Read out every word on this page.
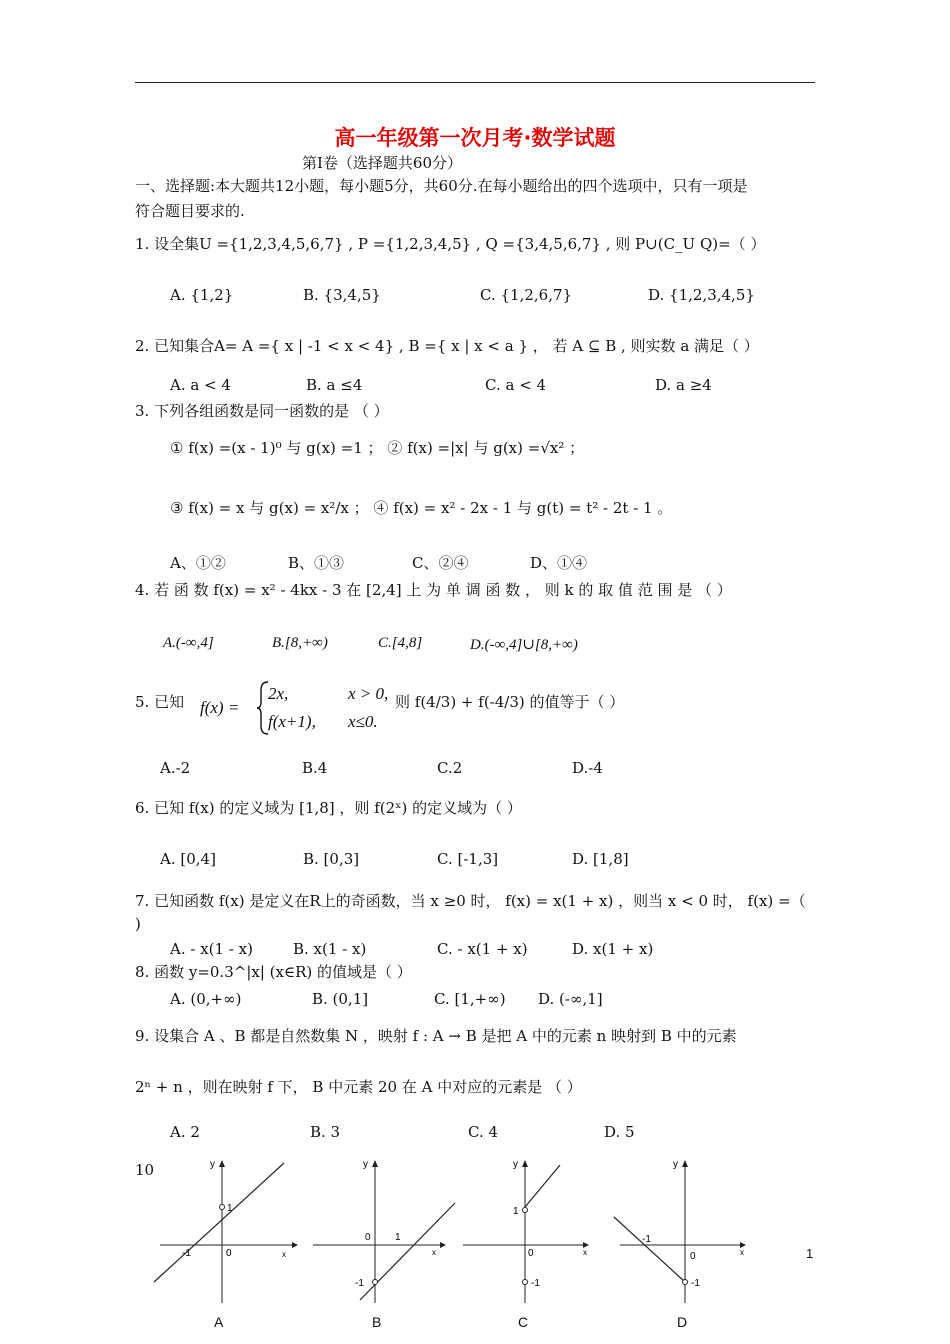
高一年级第一次月考·数学试题
第Ⅰ卷（选择题共60分）
一、选择题:本大题共12小题，每小题5分，共60分.在每小题给出的四个选项中，只有一项是
符合题目要求的.
1. 设全集U ={1,2,3,4,5,6,7} , P ={1,2,3,4,5} , Q ={3,4,5,6,7} , 则 P∪(C_U Q)=（ ）
A. {1,2}	B. {3,4,5}	C. {1,2,6,7}	D. {1,2,3,4,5}
2. 已知集合A= A ={ x | -1 < x < 4} , B ={ x | x < a } ， 若 A ⊆ B , 则实数 a 满足（ ）
A. a < 4	B. a ≤4	C. a < 4	D. a ≥4
3. 下列各组函数是同一函数的是 （ ）
① f(x) =(x - 1)⁰ 与 g(x) =1 ； ② f(x) =|x| 与 g(x) =√x² ；
③ f(x) = x 与 g(x) = x²/x ； ④ f(x) = x² - 2x - 1 与 g(t) = t² - 2t - 1 。
A、①②	B、①③	C、②④	D、①④
4. 若 函 数 f(x) = x² - 4kx - 3 在 [2,4] 上 为 单 调 函 数 ， 则 k 的 取 值 范 围 是 （ ）
A.(-∞,4]	B.[8,+∞)	C.[4,8]	D.(-∞,4]∪[8,+∞)
5. 已知 f(x) =
2x,	x > 0,
f(x+1), x≤0.
则 f(4/3) + f(-4/3) 的值等于（ ）
A.-2	B.4	C.2	D.-4
6. 已知 f(x) 的定义域为 [1,8] ，则 f(2ˣ) 的定义域为（ ）
A. [0,4]	B. [0,3]	C. [-1,3]	D. [1,8]
7. 已知函数 f(x) 是定义在R上的奇函数，当 x ≥0 时， f(x) = x(1 + x) ，则当 x < 0 时， f(x) =（
)
A. - x(1 - x)	B. x(1 - x)	C. - x(1 + x)	D. x(1 + x)
8. 函数 y=0.3^|x| (x∈R) 的值域是（ ）
A. (0,+∞)	B. (0,1]	C. [1,+∞) D. (-∞,1]
9. 设集合 A 、B 都是自然数集 N ，映射 f : A → B 是把 A 中的元素 n 映射到 B 中的元素
2ⁿ + n ，则在映射 f 下， B 中元素 20 在 A 中对应的元素是 （ ）
A. 2	B. 3	C. 4	D. 5
10	y
1
-1	0	x
y
0 1
-1
x
y
1
0
-1
x
y
-1
0
-1
x	1
A	B	C	D
